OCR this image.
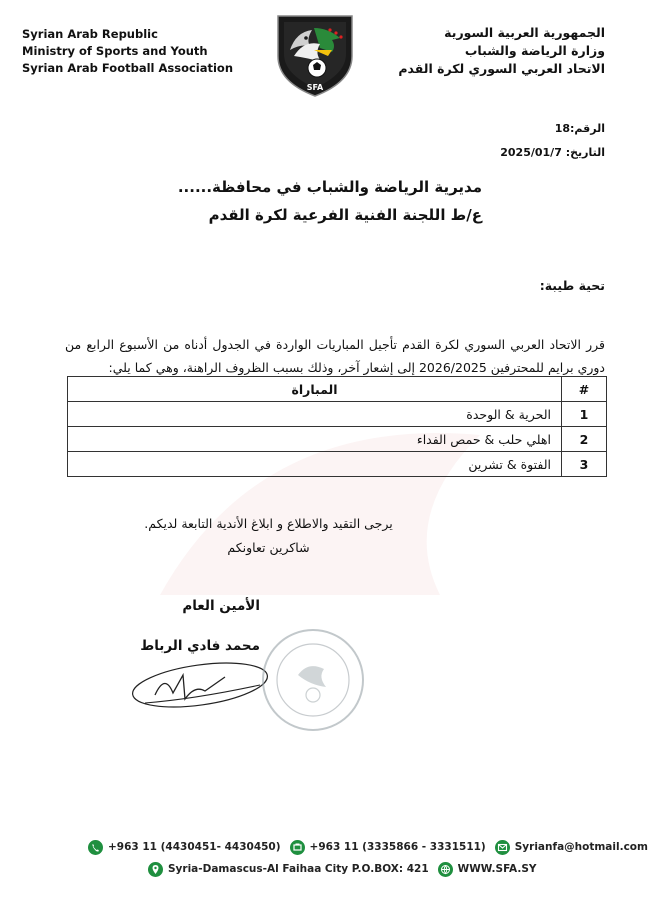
Syrian Arab Republic
Ministry of Sports and Youth
Syrian Arab Football Association
SFA
الجمهورية العربية السورية
وزارة الرياضة والشباب
الاتحاد العربي السوري لكرة القدم
الرقم:18
التاريخ: 2025/01/7
مديرية الرياضة والشباب في محافظة......
ع/ط اللجنة الفنية الفرعية لكرة القدم
تحية طيبة:
قرر الاتحاد العربي السوري لكرة القدم تأجيل المباريات الواردة في الجدول أدناه من الأسبوع الرابع من دوري برايم للمحترفين 2026/2025 إلى إشعار آخر، وذلك بسبب الظروف الراهنة، وهي كما يلي:
#	المباراة
1	الحرية & الوحدة
2	اهلي حلب & حمص الفداء
3	الفتوة & تشرين
يرجى التقيد والاطلاع و ابلاغ الأندية التابعة لديكم.
شاكرين تعاونكم
الأمين العام
محمد فادي الرباط
+963 11 (4430451- 4430450)	+963 11 (3335866 - 3331511)	Syrianfa@hotmail.com
Syria-Damascus-Al Faihaa City P.O.BOX: 421	WWW.SFA.SY
